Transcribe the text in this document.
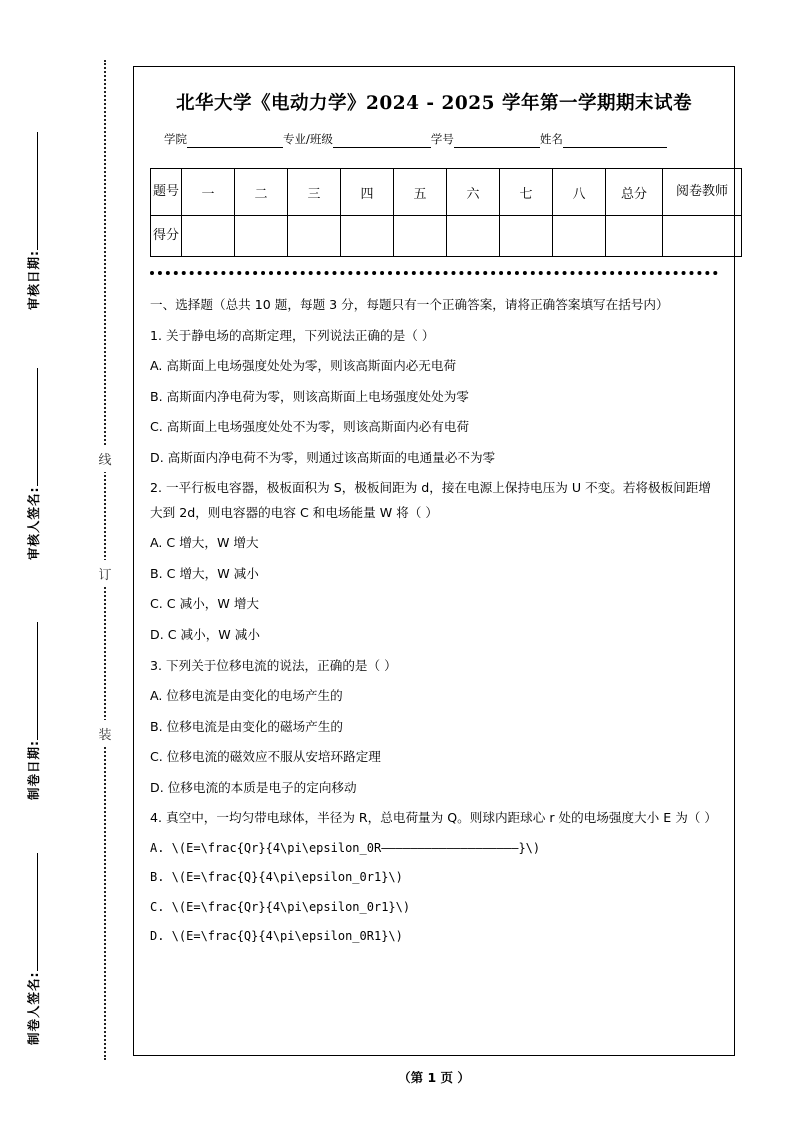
审核日期:
审核人签名:
制卷日期:
制卷人签名:
线
订
装
北华大学《电动力学》2024 - 2025 学年第一学期期末试卷
学院	专业/班级	学号	姓名
题号	一	二	三	四	五	六	七	八	总分	阅卷教师
得分										
一、选择题（总共 10 题，每题 3 分，每题只有一个正确答案，请将正确答案填写在括号内）
1. 关于静电场的高斯定理，下列说法正确的是（ ）
A. 高斯面上电场强度处处为零，则该高斯面内必无电荷
B. 高斯面内净电荷为零，则该高斯面上电场强度处处为零
C. 高斯面上电场强度处处不为零，则该高斯面内必有电荷
D. 高斯面内净电荷不为零，则通过该高斯面的电通量必不为零
2. 一平行板电容器，极板面积为 S，极板间距为 d，接在电源上保持电压为 U 不变。若将极板间距增大到 2d，则电容器的电容 C 和电场能量 W 将（ ）
A. C 增大，W 增大
B. C 增大，W 减小
C. C 减小，W 增大
D. C 减小，W 减小
3. 下列关于位移电流的说法，正确的是（ ）
A. 位移电流是由变化的电场产生的
B. 位移电流是由变化的磁场产生的
C. 位移电流的磁效应不服从安培环路定理
D. 位移电流的本质是电子的定向移动
4. 真空中，一均匀带电球体，半径为 R，总电荷量为 Q。则球内距球心 r 处的电场强度大小 E 为（ ）
A. \(E=\frac{Qr}{4\pi\epsilon_0R———————————————————}\)
B. \(E=\frac{Q}{4\pi\epsilon_0r1}\)
C. \(E=\frac{Qr}{4\pi\epsilon_0r1}\)
D. \(E=\frac{Q}{4\pi\epsilon_0R1}\)
（第 1 页 ）
